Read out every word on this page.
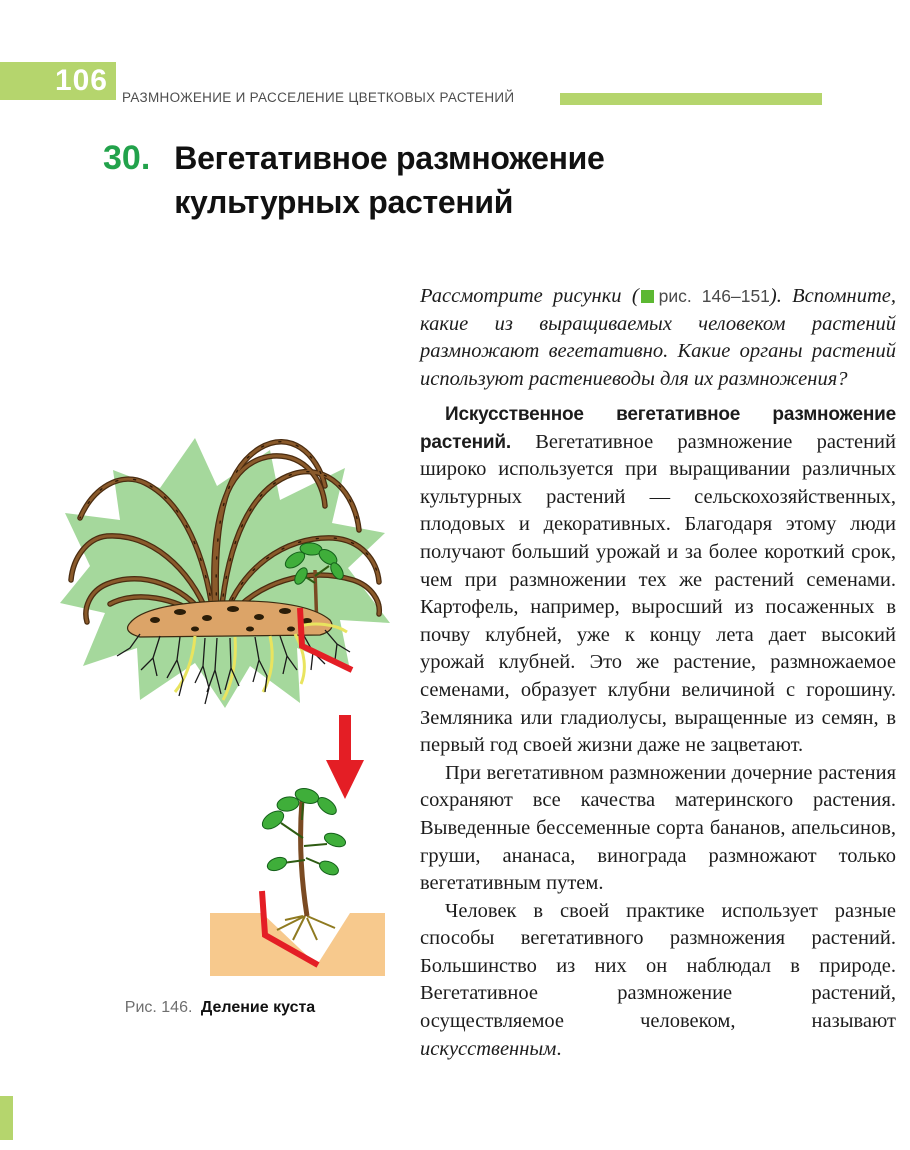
106
РАЗМНОЖЕНИЕ И РАССЕЛЕНИЕ ЦВЕТКОВЫХ РАСТЕНИЙ
30. Вегетативное размножение
культурных растений
Рис. 146. Деление куста

Рассмотрите рисунки ( рис. 146–151). Вспомните, какие из выращиваемых человеком растений размножают вегетативно. Какие органы растений используют растениеводы для их размножения?

Искусственное вегетативное размножение растений. Вегетативное размножение растений широко используется при выращивании различных культурных растений — сельскохозяйственных, плодовых и декоративных. Благодаря этому люди получают больший урожай и за более короткий срок, чем при размножении тех же растений семенами. Картофель, например, выросший из посаженных в почву клубней, уже к концу лета дает высокий урожай клубней. Это же растение, размножаемое семенами, образует клубни величиной с горошину. Земляника или гладиолусы, выращенные из семян, в первый год своей жизни даже не зацветают.

При вегетативном размножении дочерние растения сохраняют все качества материнского растения. Выведенные бессеменные сорта бананов, апельсинов, груши, ананаса, винограда размножают только вегетативным путем.

Человек в своей практике использует разные способы вегетативного размножения растений. Большинство из них он наблюдал в природе. Вегетативное размножение растений, осуществляемое человеком, называют искусственным.
